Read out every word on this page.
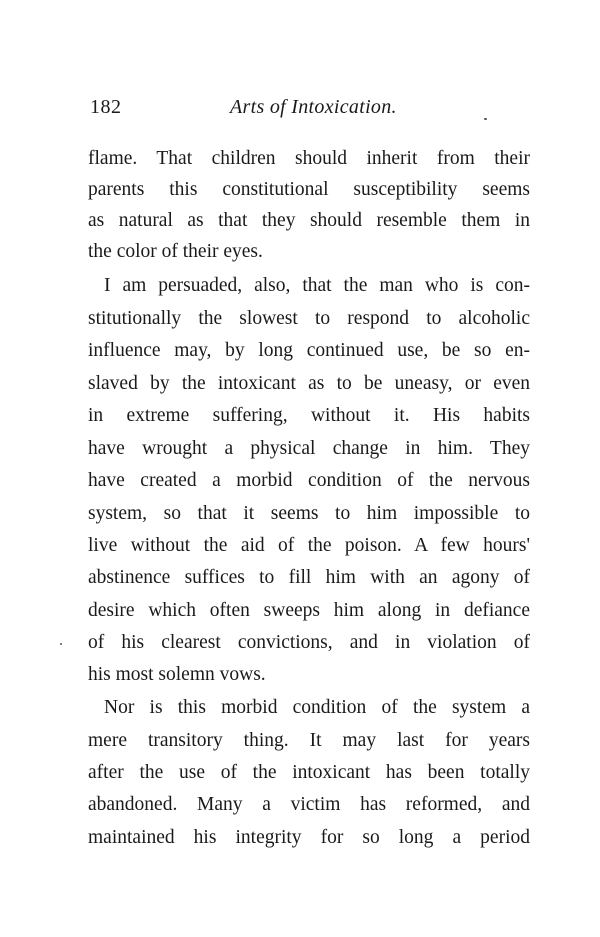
182	Arts of Intoxication.
flame. That children should inherit from their
parents this constitutional susceptibility seems
as natural as that they should resemble them in
the color of their eyes.
I am persuaded, also, that the man who is con-
stitutionally the slowest to respond to alcoholic
influence may, by long continued use, be so en-
slaved by the intoxicant as to be uneasy, or even
in extreme suffering, without it. His habits
have wrought a physical change in him. They
have created a morbid condition of the nervous
system, so that it seems to him impossible to
live without the aid of the poison. A few hours'
abstinence suffices to fill him with an agony of
desire which often sweeps him along in defiance
of his clearest convictions, and in violation of
his most solemn vows.
Nor is this morbid condition of the system a
mere transitory thing. It may last for years
after the use of the intoxicant has been totally
abandoned. Many a victim has reformed, and
maintained his integrity for so long a period
